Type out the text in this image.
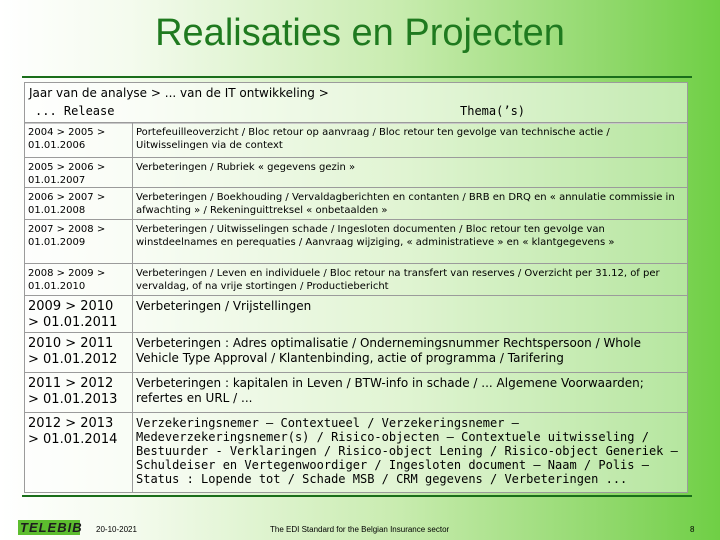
Realisaties en Projecten
Jaar van de analyse > ... van de IT ontwikkeling >
... Release	Thema(’s)
2004 > 2005 > 01.01.2006	Portefeuilleoverzicht / Bloc retour op aanvraag / Bloc retour ten gevolge van technische actie / Uitwisselingen via de context
2005 > 2006 > 01.01.2007	Verbeteringen / Rubriek « gegevens gezin »
2006 > 2007 > 01.01.2008	Verbeteringen / Boekhouding / Vervaldagberichten en contanten / BRB en DRQ en « annulatie commissie in afwachting » / Rekeninguittreksel « onbetaalden »
2007 > 2008 > 01.01.2009	Verbeteringen / Uitwisselingen schade / Ingesloten documenten / Bloc retour ten gevolge van winstdeelnames en perequaties / Aanvraag wijziging, « administratieve » en « klantgegevens »
2008 > 2009 > 01.01.2010	Verbeteringen / Leven en individuele / Bloc retour na transfert van reserves / Overzicht per 31.12, of per vervaldag, of na vrije stortingen / Productiebericht
2009 > 2010 > 01.01.2011	Verbeteringen / Vrijstellingen
2010 > 2011 > 01.01.2012	Verbeteringen : Adres optimalisatie / Ondernemingsnummer Rechtspersoon / Whole Vehicle Type Approval / Klantenbinding, actie of programma / Tarifering
2011 > 2012 > 01.01.2013	Verbeteringen : kapitalen in Leven / BTW-info in schade / ... Algemene Voorwaarden; refertes en URL / ...
2012 > 2013 > 01.01.2014	Verzekeringsnemer – Contextueel / Verzekeringsnemer – Medeverzekeringsnemer(s) / Risico-objecten – Contextuele uitwisseling / Bestuurder - Verklaringen / Risico-object Lening / Risico-object Generiek – Schuldeiser en Vertegenwoordiger / Ingesloten document – Naam / Polis – Status : Lopende tot / Schade MSB / CRM gegevens / Verbeteringen ...
TELEBIB 20-10-2021	The EDI Standard for the Belgian Insurance sector	8
